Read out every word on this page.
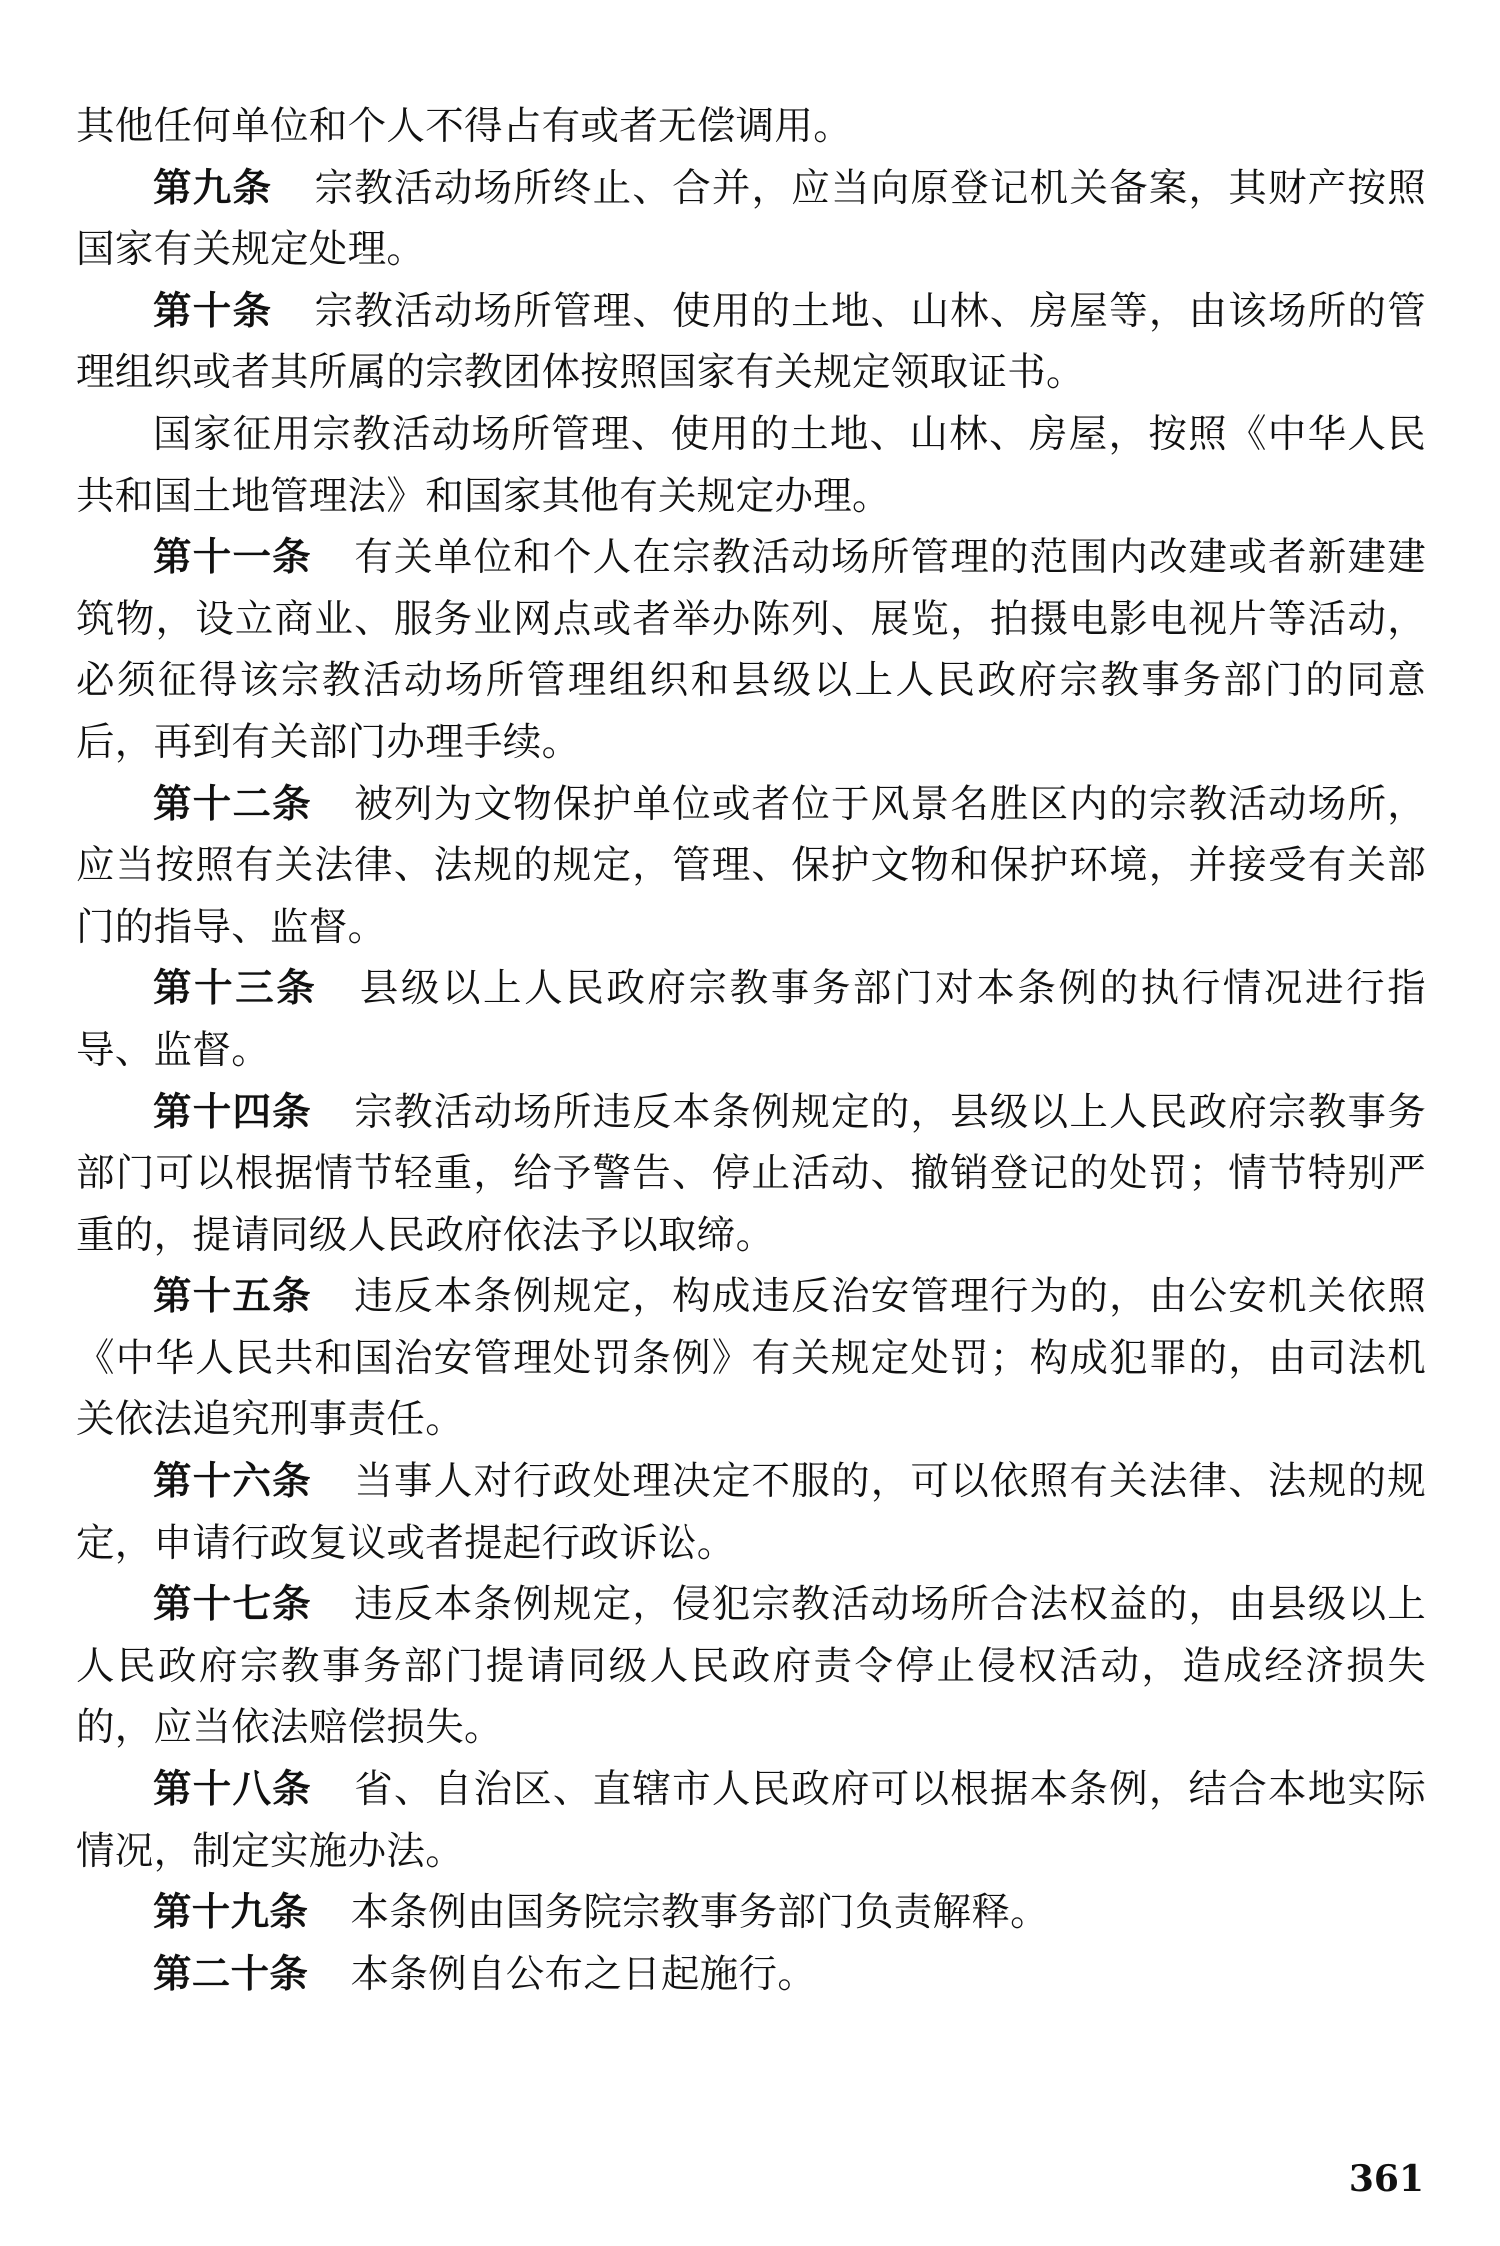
其他任何单位和个人不得占有或者无偿调用。

第九条 宗教活动场所终止、合并，应当向原登记机关备案，其财产按照国家有关规定处理。

第十条 宗教活动场所管理、使用的土地、山林、房屋等，由该场所的管理组织或者其所属的宗教团体按照国家有关规定领取证书。

国家征用宗教活动场所管理、使用的土地、山林、房屋，按照《中华人民共和国土地管理法》和国家其他有关规定办理。

第十一条 有关单位和个人在宗教活动场所管理的范围内改建或者新建建筑物，设立商业、服务业网点或者举办陈列、展览，拍摄电影电视片等活动，必须征得该宗教活动场所管理组织和县级以上人民政府宗教事务部门的同意后，再到有关部门办理手续。

第十二条 被列为文物保护单位或者位于风景名胜区内的宗教活动场所，应当按照有关法律、法规的规定，管理、保护文物和保护环境，并接受有关部门的指导、监督。

第十三条 县级以上人民政府宗教事务部门对本条例的执行情况进行指导、监督。

第十四条 宗教活动场所违反本条例规定的，县级以上人民政府宗教事务部门可以根据情节轻重，给予警告、停止活动、撤销登记的处罚；情节特别严重的，提请同级人民政府依法予以取缔。

第十五条 违反本条例规定，构成违反治安管理行为的，由公安机关依照《中华人民共和国治安管理处罚条例》有关规定处罚；构成犯罪的，由司法机关依法追究刑事责任。

第十六条 当事人对行政处理决定不服的，可以依照有关法律、法规的规定，申请行政复议或者提起行政诉讼。

第十七条 违反本条例规定，侵犯宗教活动场所合法权益的，由县级以上人民政府宗教事务部门提请同级人民政府责令停止侵权活动，造成经济损失的，应当依法赔偿损失。

第十八条 省、自治区、直辖市人民政府可以根据本条例，结合本地实际情况，制定实施办法。

第十九条 本条例由国务院宗教事务部门负责解释。

第二十条 本条例自公布之日起施行。

361
